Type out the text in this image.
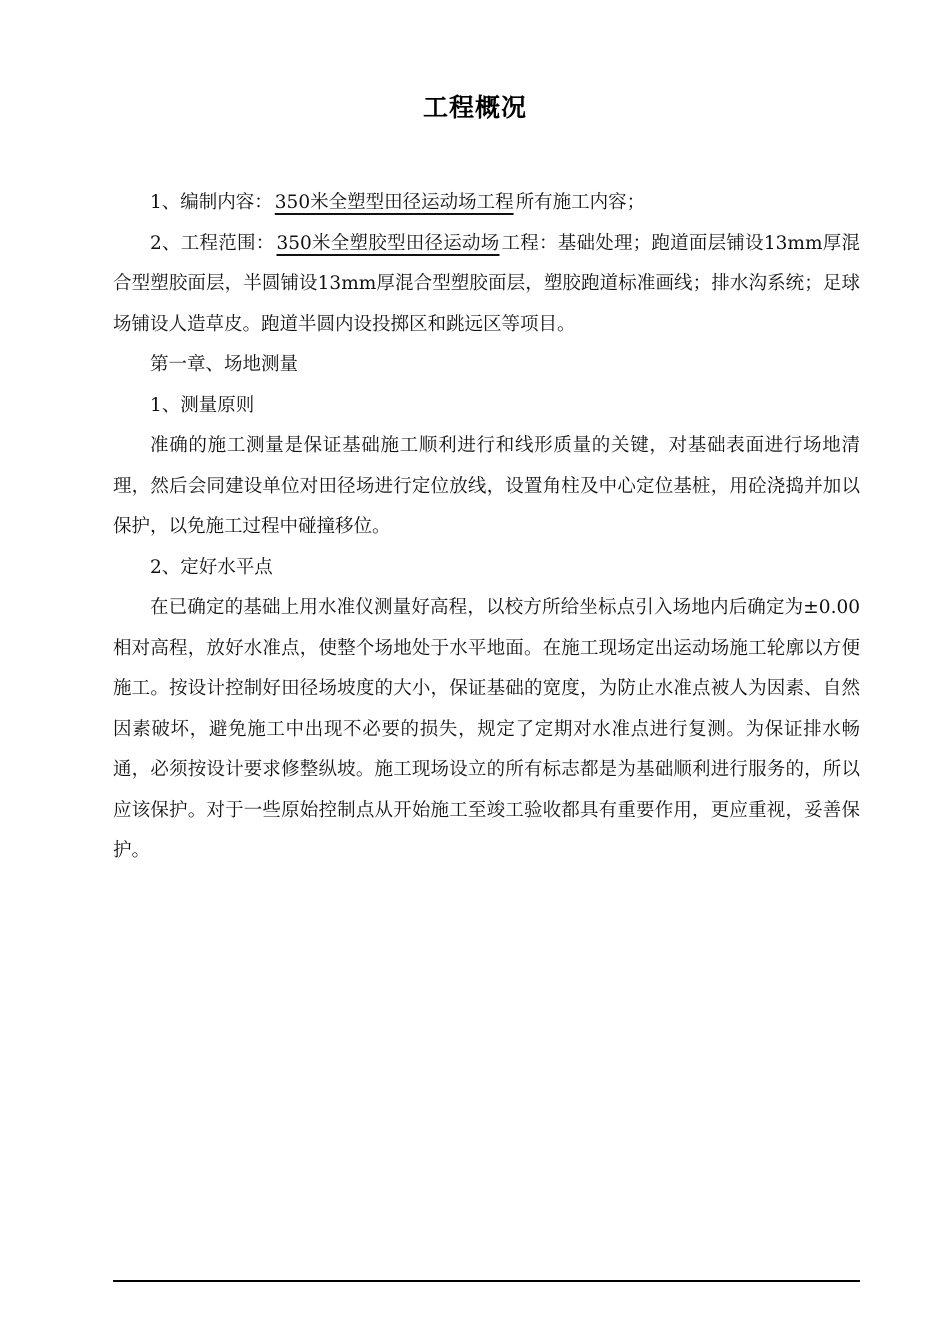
工程概况

1、编制内容： 350米全塑型田径运动场工程 所有施工内容；

2、工程范围： 350米全塑胶型田径运动场 工程：基础处理；跑道面层铺设13mm厚混合型塑胶面层，半圆铺设13mm厚混合型塑胶面层，塑胶跑道标准画线；排水沟系统；足球场铺设人造草皮。跑道半圆内设投掷区和跳远区等项目。

第一章、场地测量

1、测量原则

准确的施工测量是保证基础施工顺利进行和线形质量的关键，对基础表面进行场地清理，然后会同建设单位对田径场进行定位放线，设置角柱及中心定位基桩，用砼浇捣并加以保护，以免施工过程中碰撞移位。

2、定好水平点

在已确定的基础上用水准仪测量好高程，以校方所给坐标点引入场地内后确定为±0.00相对高程，放好水准点，使整个场地处于水平地面。在施工现场定出运动场施工轮廓以方便施工。按设计控制好田径场坡度的大小，保证基础的宽度，为防止水准点被人为因素、自然因素破坏，避免施工中出现不必要的损失，规定了定期对水准点进行复测。为保证排水畅通，必须按设计要求修整纵坡。施工现场设立的所有标志都是为基础顺利进行服务的，所以应该保护。对于一些原始控制点从开始施工至竣工验收都具有重要作用，更应重视，妥善保护。
